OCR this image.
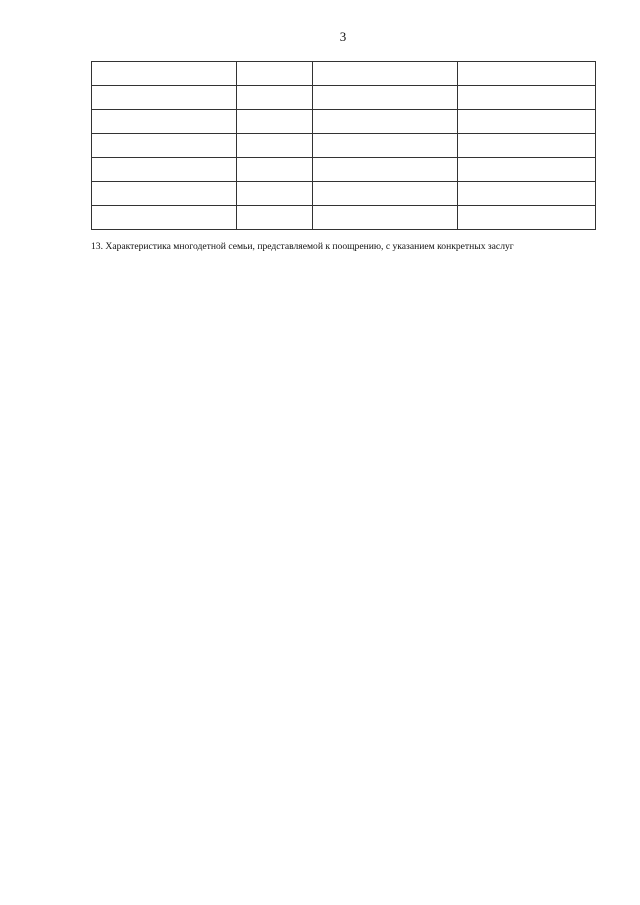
3

13. Характеристика многодетной семьи, представляемой к поощрению, с указанием конкретных заслуг
